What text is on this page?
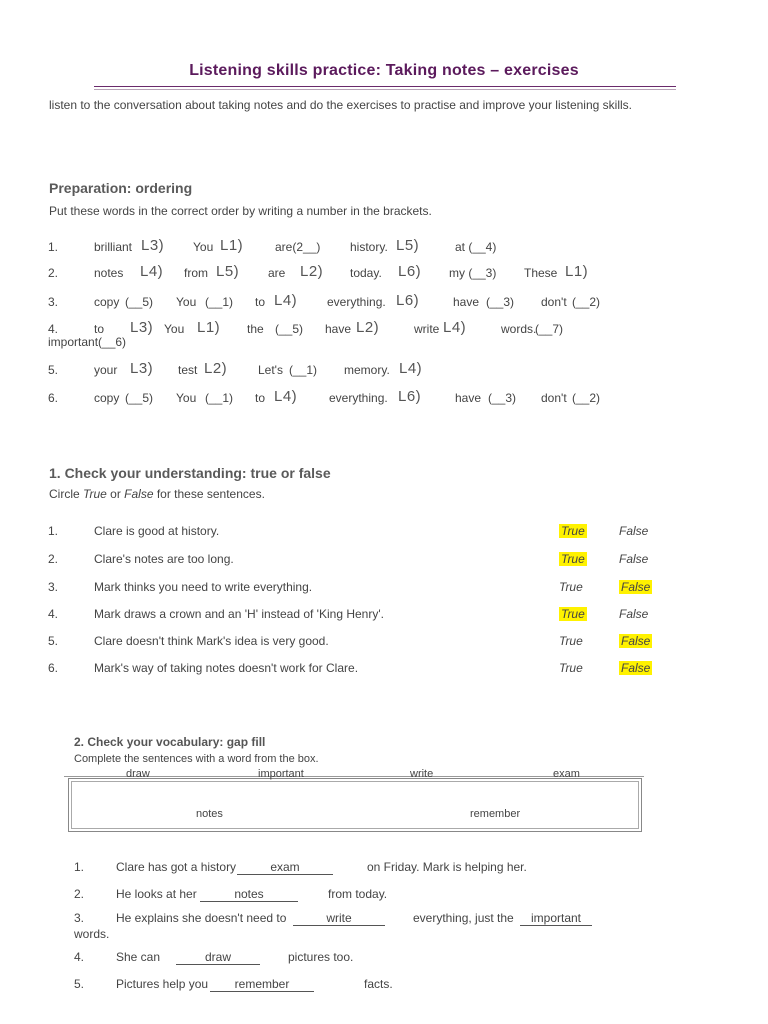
Listening skills practice: Taking notes – exercises
listen to the conversation about taking notes and do the exercises to practise and improve your listening skills.
Preparation: ordering
Put these words in the correct order by writing a number in the brackets.
1.	brilliant L3) You L1)	are(2__) history. L5)	at (__4)
2.	notes L4) from L5) are L2) today. L6) my (__3) These L1)
3.	copy (__5) You (__1) to L4) everything. L6)	have (__3) don't (__2)
4.	to L3) You L1) the (__5) have L2)	write L4)	words.
(__7)
important(__6)
5.	your L3) test L2)	Let's (__1) memory. L4)
6.	copy (__5) You (__1) to L4)	everything. L6)	have (__3) don't (__2)
1. Check your understanding: true or false
Circle True or False for these sentences.
1.	Clare is good at history.	True	False
2.	Clare's notes are too long.	True	False
3.	Mark thinks you need to write everything.	True	False
4.	Mark draws a crown and an 'H' instead of 'King Henry'.	True	False
5.	Clare doesn't think Mark's idea is very good.	True	False
6.	Mark's way of taking notes doesn't work for Clare.	True	False
2. Check your vocabulary: gap fill
Complete the sentences with a word from the box.
draw	important	write	exam
notes	remember
1.	Clare has got a history	exam	on Friday. Mark is helping her.
2.	He looks at her	notes	from today.
3.	He explains she doesn't need to	write	everything, just the	important
words.
4.	She can	draw	pictures too.
5.	Pictures help you	remember	facts.
